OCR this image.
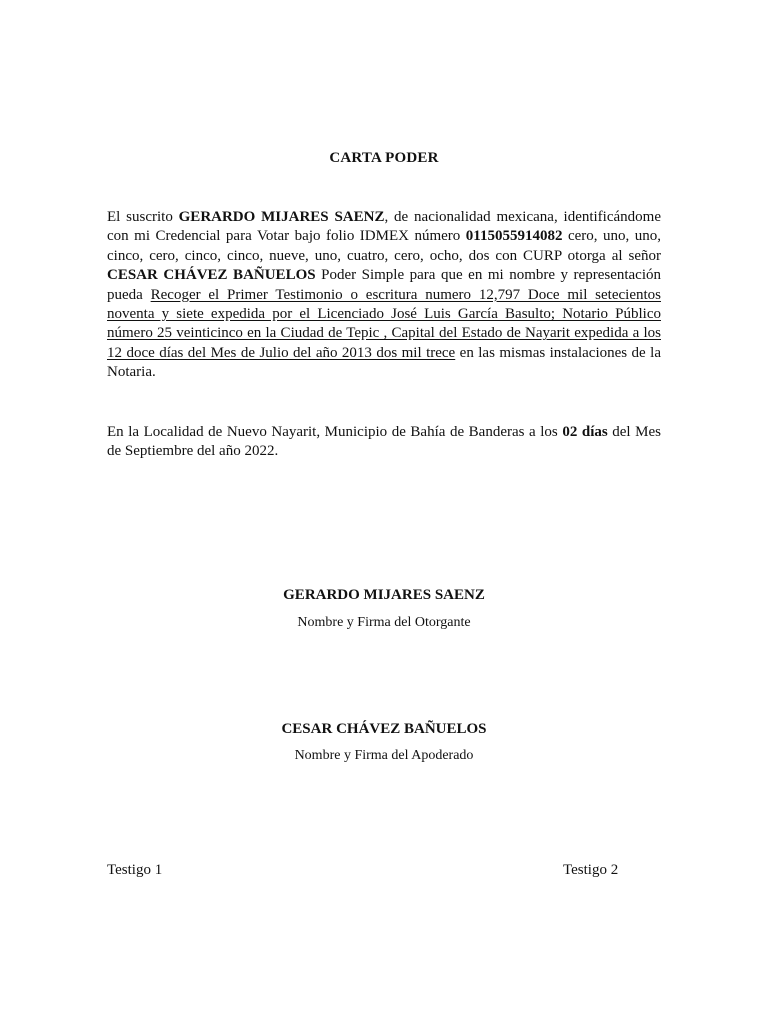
CARTA PODER
El suscrito GERARDO MIJARES SAENZ, de nacionalidad mexicana, identificándome con mi Credencial para Votar bajo folio IDMEX número 0115055914082 cero, uno, uno, cinco, cero, cinco, cinco, nueve, uno, cuatro, cero, ocho, dos con CURP otorga al señor CESAR CHÁVEZ BAÑUELOS Poder Simple para que en mi nombre y representación pueda Recoger el Primer Testimonio o escritura numero 12,797 Doce mil setecientos noventa y siete expedida por el Licenciado José Luis García Basulto; Notario Público número 25 veinticinco en la Ciudad de Tepic , Capital del Estado de Nayarit expedida a los 12 doce días del Mes de Julio del año 2013 dos mil trece en las mismas instalaciones de la Notaria.
En la Localidad de Nuevo Nayarit, Municipio de Bahía de Banderas a los 02 días del Mes de Septiembre del año 2022.
GERARDO MIJARES SAENZ
Nombre y Firma del Otorgante
CESAR CHÁVEZ BAÑUELOS
Nombre y Firma del Apoderado
Testigo 1	Testigo 2
